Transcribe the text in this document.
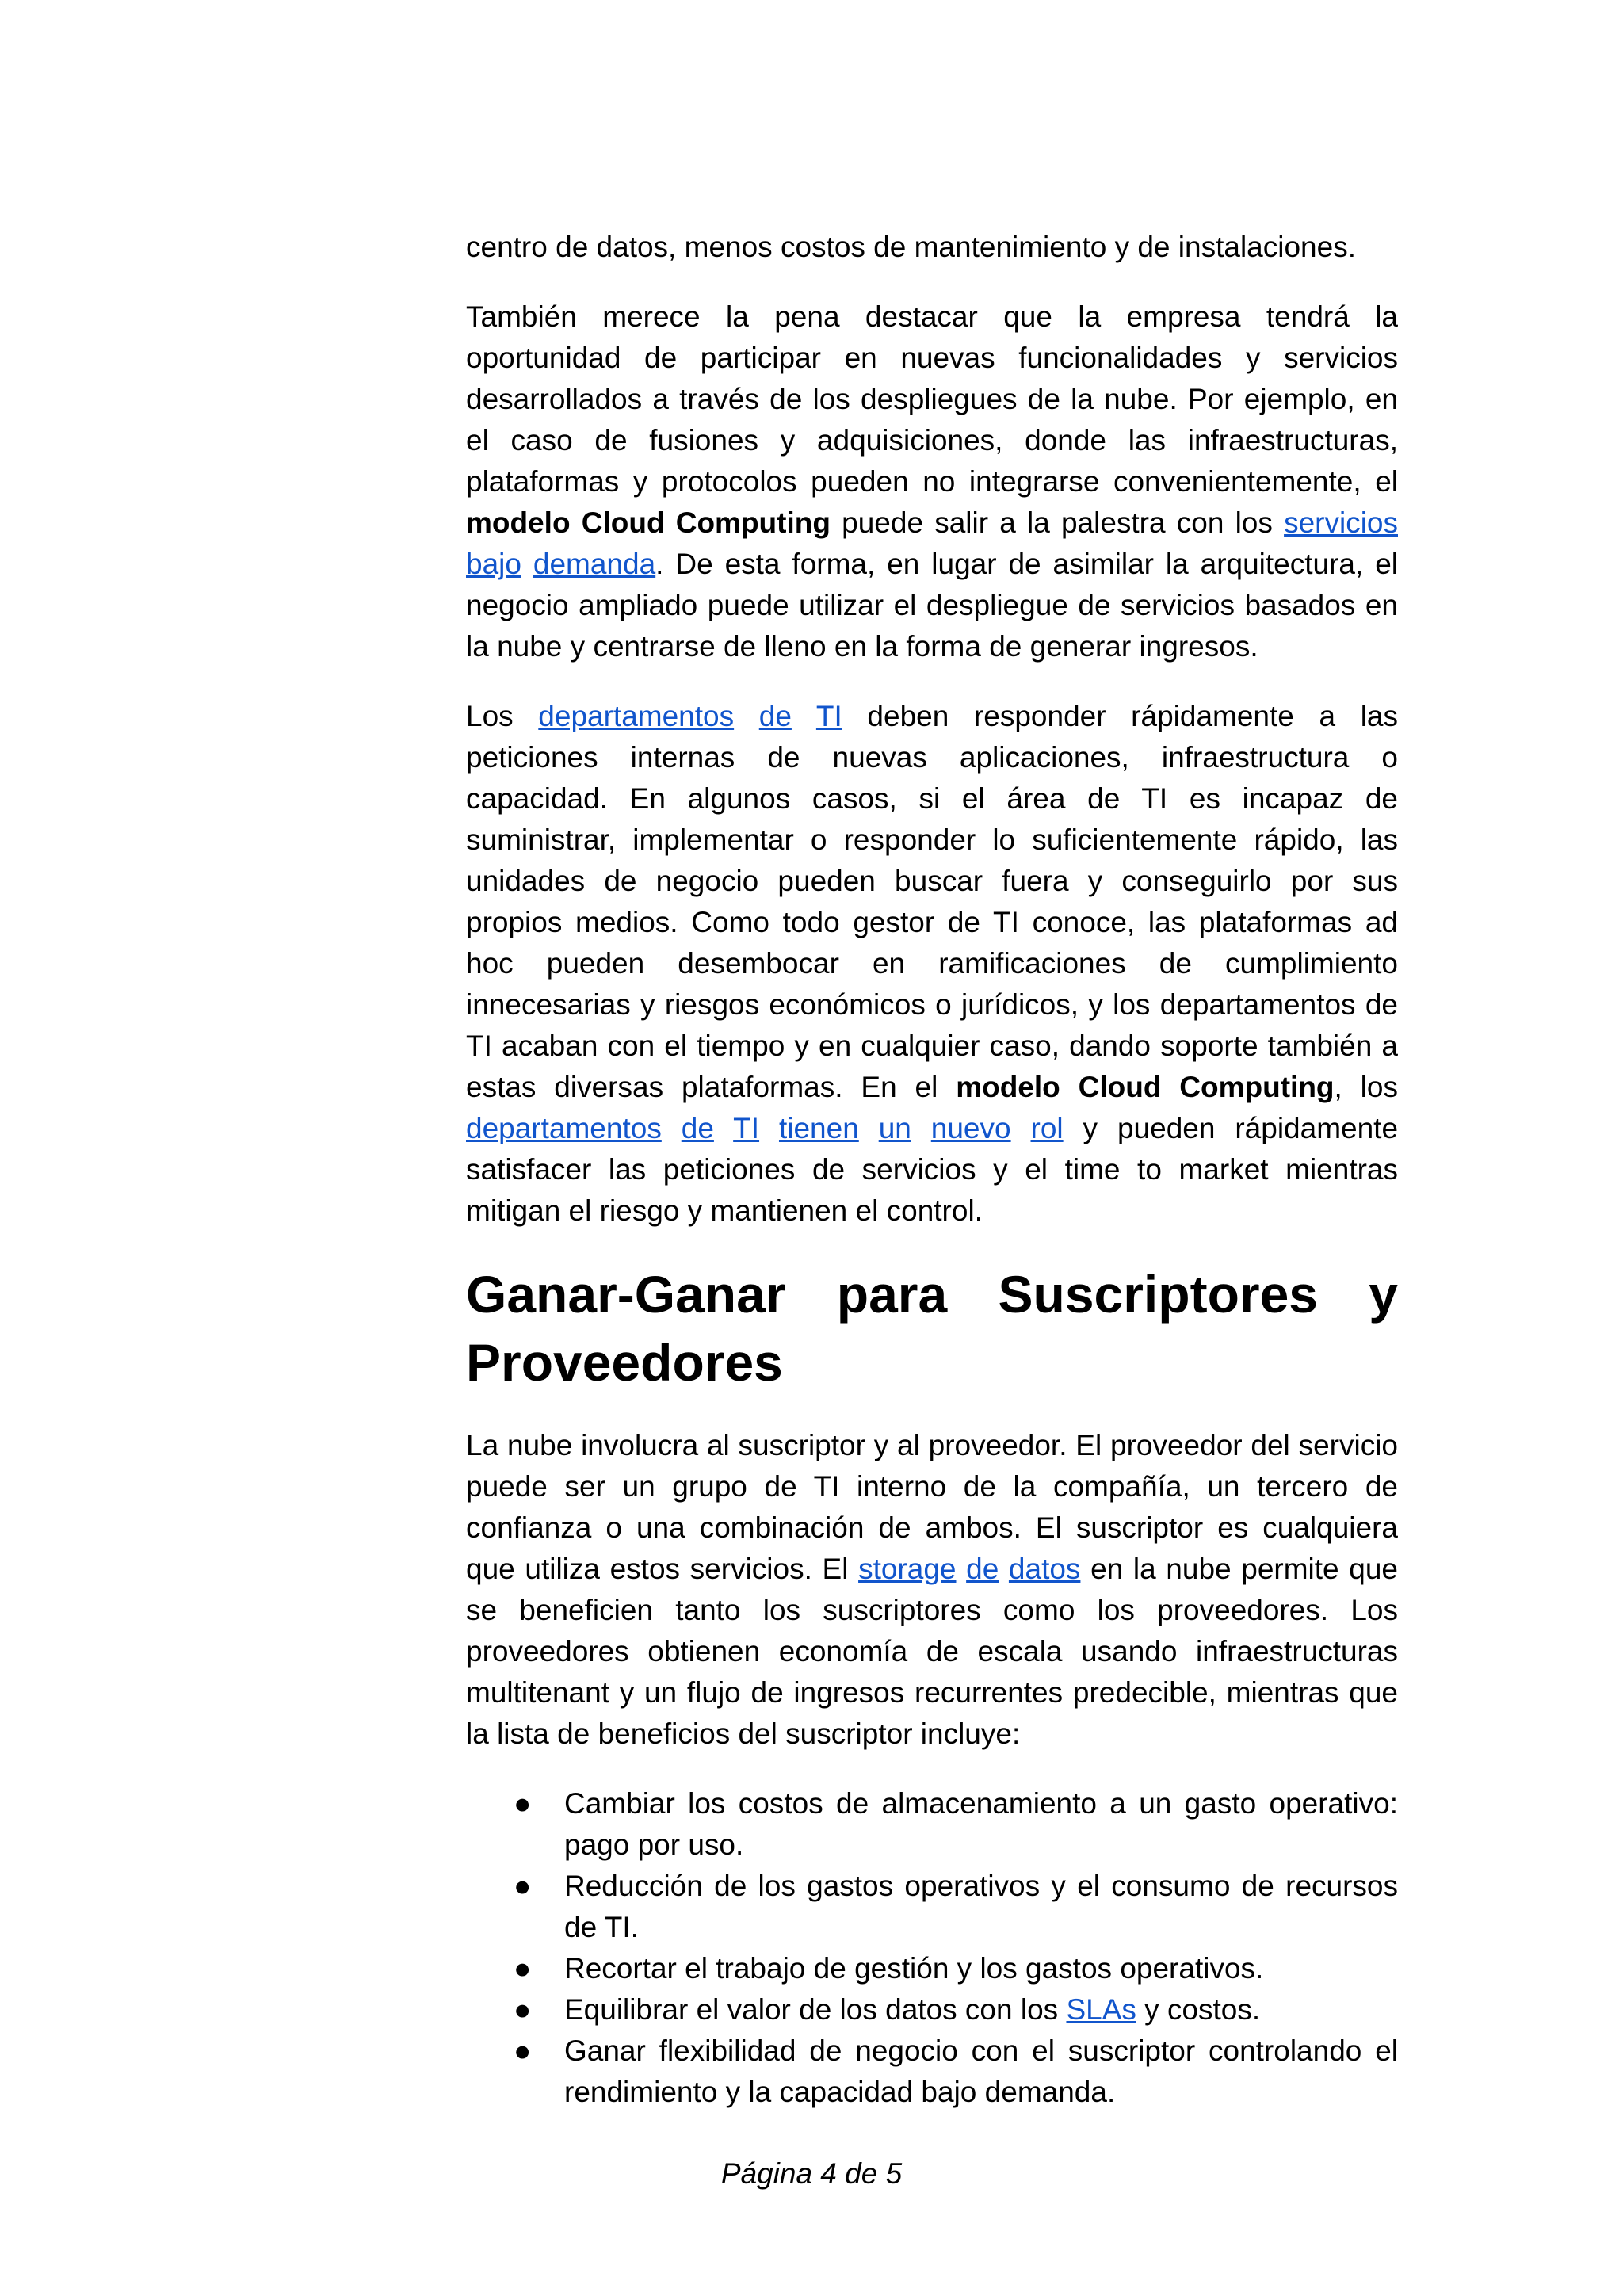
centro de datos, menos costos de mantenimiento y de instalaciones.

También merece la pena destacar que la empresa tendrá la oportunidad de participar en nuevas funcionalidades y servicios desarrollados a través de los despliegues de la nube. Por ejemplo, en el caso de fusiones y adquisiciones, donde las infraestructuras, plataformas y protocolos pueden no integrarse convenientemente, el modelo Cloud Computing puede salir a la palestra con los servicios bajo demanda. De esta forma, en lugar de asimilar la arquitectura, el negocio ampliado puede utilizar el despliegue de servicios basados en la nube y centrarse de lleno en la forma de generar ingresos.

Los departamentos de TI deben responder rápidamente a las peticiones internas de nuevas aplicaciones, infraestructura o capacidad. En algunos casos, si el área de TI es incapaz de suministrar, implementar o responder lo suficientemente rápido, las unidades de negocio pueden buscar fuera y conseguirlo por sus propios medios. Como todo gestor de TI conoce, las plataformas ad hoc pueden desembocar en ramificaciones de cumplimiento innecesarias y riesgos económicos o jurídicos, y los departamentos de TI acaban con el tiempo y en cualquier caso, dando soporte también a estas diversas plataformas. En el modelo Cloud Computing, los departamentos de TI tienen un nuevo rol y pueden rápidamente satisfacer las peticiones de servicios y el time to market mientras mitigan el riesgo y mantienen el control.

Ganar-Ganar para Suscriptores y
Proveedores

La nube involucra al suscriptor y al proveedor. El proveedor del servicio puede ser un grupo de TI interno de la compañía, un tercero de confianza o una combinación de ambos. El suscriptor es cualquiera que utiliza estos servicios. El storage de datos en la nube permite que se beneficien tanto los suscriptores como los proveedores. Los proveedores obtienen economía de escala usando infraestructuras multitenant y un flujo de ingresos recurrentes predecible, mientras que la lista de beneficios del suscriptor incluye:

● Cambiar los costos de almacenamiento a un gasto operativo: pago por uso.
● Reducción de los gastos operativos y el consumo de recursos de TI.
● Recortar el trabajo de gestión y los gastos operativos.
● Equilibrar el valor de los datos con los SLAs y costos.
● Ganar flexibilidad de negocio con el suscriptor controlando el rendimiento y la capacidad bajo demanda.
Página 4 de 5
